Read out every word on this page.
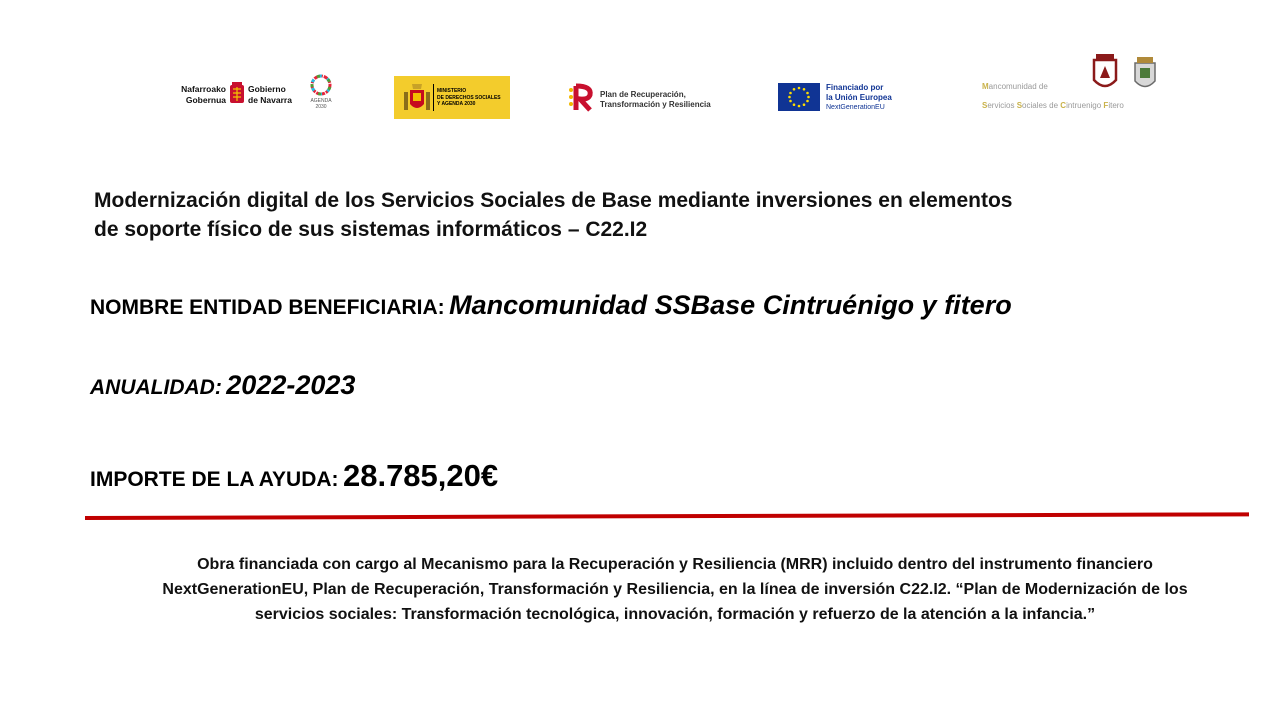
Nafarroako
Gobernua
Gobierno
de Navarra	AGENDA
2030
MINISTERIO
DE DERECHOS SOCIALES
Y AGENDA 2030
Plan de Recuperación,
Transformación y Resiliencia
Financiado por
la Unión Europea
NextGenerationEU
Mancomunidad de
Servicios Sociales de Cintruenigo Fitero
Modernización digital de los Servicios Sociales de Base mediante inversiones en elementos de soporte físico de sus sistemas informáticos – C22.I2
NOMBRE ENTIDAD BENEFICIARIA: Mancomunidad SSBase Cintruénigo y fitero
ANUALIDAD: 2022-2023
IMPORTE DE LA AYUDA: 28.785,20€
Obra financiada con cargo al Mecanismo para la Recuperación y Resiliencia (MRR) incluido dentro del instrumento financiero NextGenerationEU, Plan de Recuperación, Transformación y Resiliencia, en la línea de inversión C22.I2. “Plan de Modernización de los servicios sociales: Transformación tecnológica, innovación, formación y refuerzo de la atención a la infancia.”
